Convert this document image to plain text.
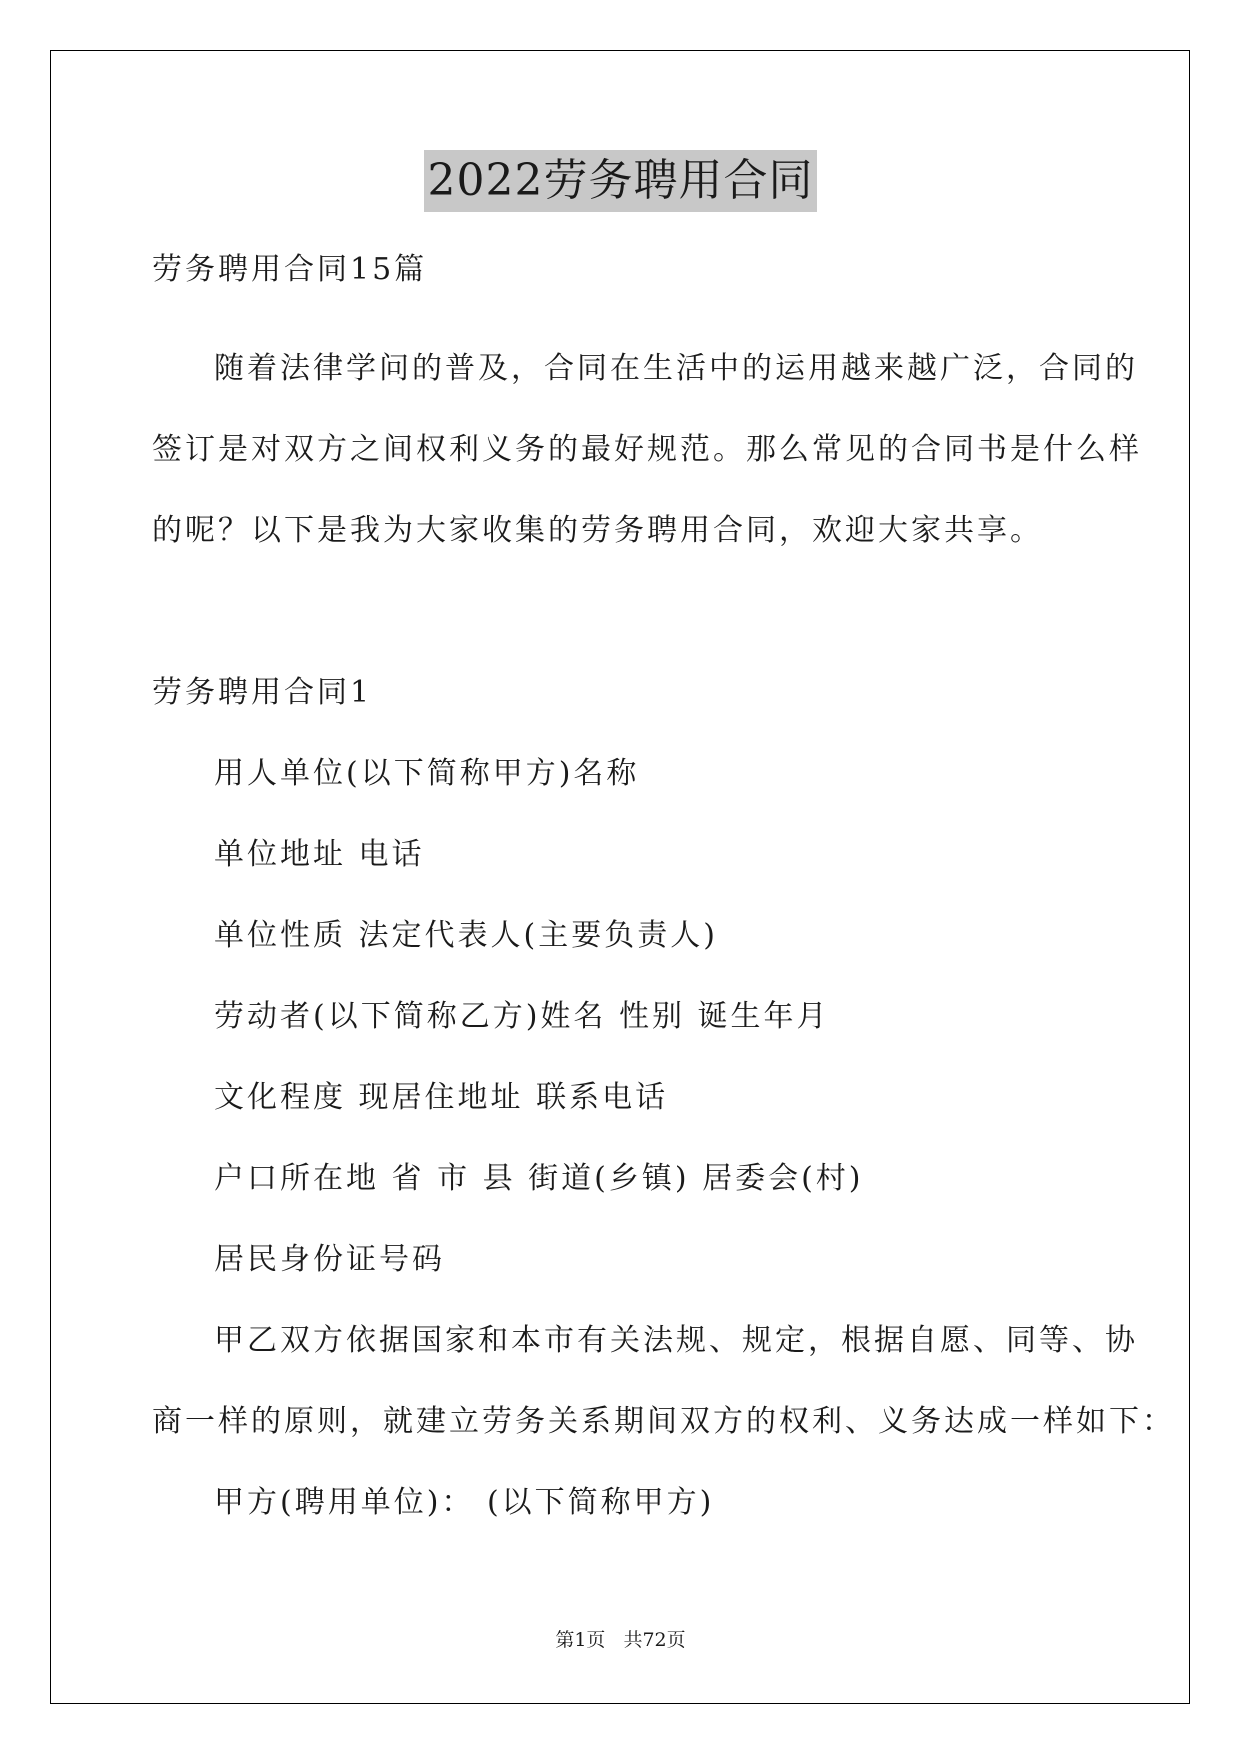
2022劳务聘用合同
劳务聘用合同15篇
随着法律学问的普及，合同在生活中的运用越来越广泛，合同的
签订是对双方之间权利义务的最好规范。那么常见的合同书是什么样
的呢？以下是我为大家收集的劳务聘用合同，欢迎大家共享。
劳务聘用合同1
用人单位(以下简称甲方)名称
单位地址 电话
单位性质 法定代表人(主要负责人)
劳动者(以下简称乙方)姓名 性别 诞生年月
文化程度 现居住地址 联系电话
户口所在地 省 市 县 街道(乡镇) 居委会(村)
居民身份证号码
甲乙双方依据国家和本市有关法规、规定，根据自愿、同等、协
商一样的原则，就建立劳务关系期间双方的权利、义务达成一样如下：
甲方(聘用单位)： (以下简称甲方)
第1页 共72页
